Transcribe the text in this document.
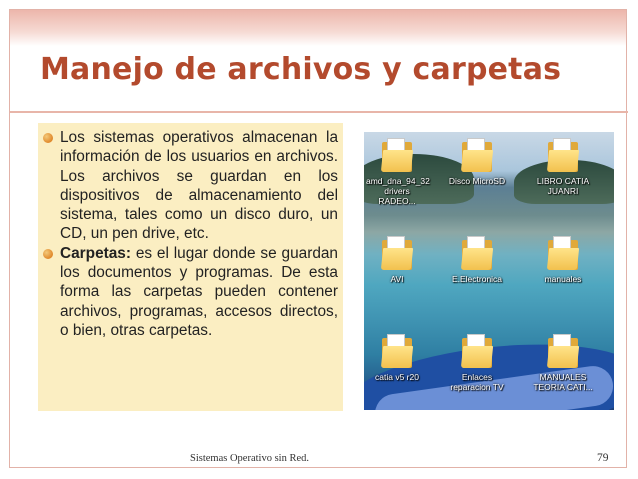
Manejo de archivos y carpetas
Los sistemas operativos almacenan la información de los usuarios en archivos. Los archivos se guardan en los dispositivos de almacenamiento del sistema, tales como un disco duro, un CD, un pen drive, etc.
Carpetas: es el lugar donde se guardan los documentos y programas. De esta forma las carpetas pueden contener archivos, programas, accesos directos, o bien, otras carpetas.
amd_dna_94_32 drivers RADEO...
Disco MicroSD	LIBRO CATIA JUANRI
AVI	E.Electronica	manuales
catia v5 r20	Enlaces reparacion TV
MANUALES TEORIA CATI...
Sistemas Operativo sin Red.	79
